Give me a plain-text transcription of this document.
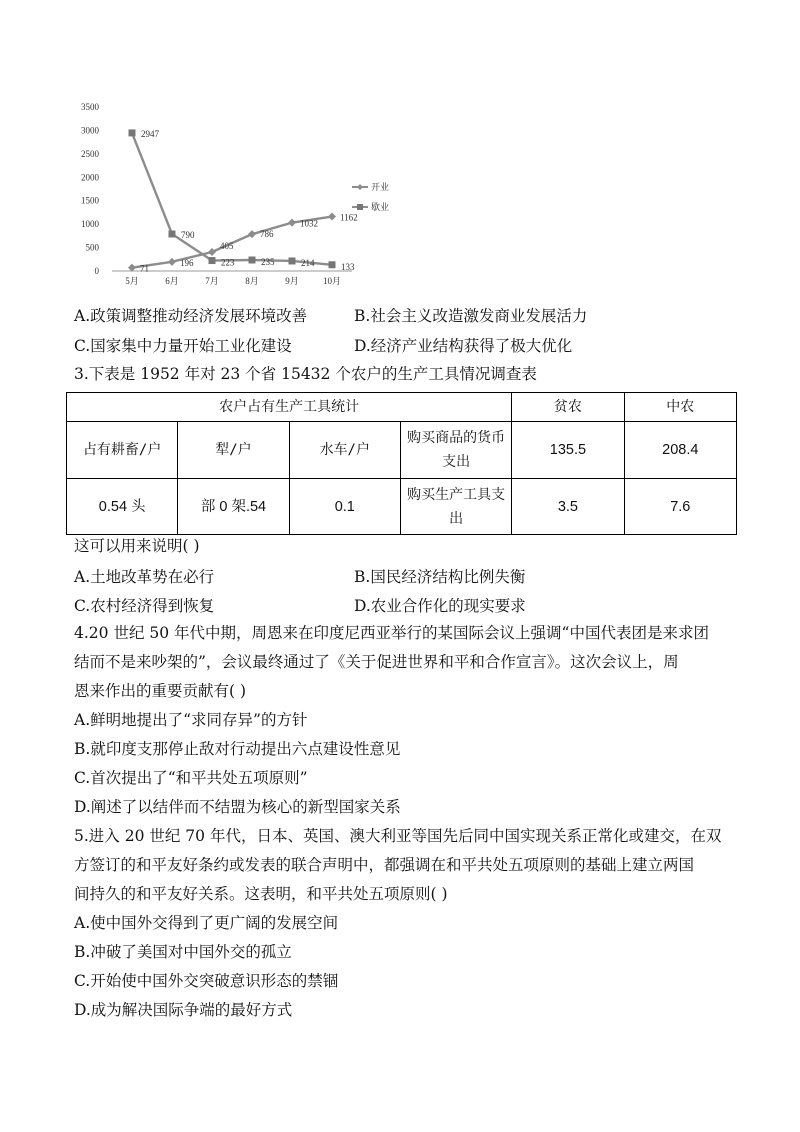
0
500
1000
1500
2000
2500
3000
3500
5月	6月	7月	8月	9月	10月
71
196
405
786
1032
1162
2947
790
223	235	214	133
开业
歇业
A.政策调整推动经济发展环境改善	B.社会主义改造激发商业发展活力
C.国家集中力量开始工业化建设	D.经济产业结构获得了极大优化
3.下表是 1952 年对 23 个省 15432 个农户的生产工具情况调查表
农户占有生产工具统计				贫农	中农
占有耕畜/户	犁/户	水车/户	购买商品的货币支出	135.5	208.4
0.54 头	部 0 架.54	0.1	购买生产工具支出	3.5	7.6
这可以用来说明( )
A.土地改革势在必行	B.国民经济结构比例失衡
C.农村经济得到恢复	D.农业合作化的现实要求
4.20 世纪 50 年代中期，周恩来在印度尼西亚举行的某国际会议上强调“中国代表团是来求团
结而不是来吵架的”，会议最终通过了《关于促进世界和平和合作宣言》。这次会议上，周
恩来作出的重要贡献有( )
A.鲜明地提出了“求同存异”的方针
B.就印度支那停止敌对行动提出六点建设性意见
C.首次提出了“和平共处五项原则”
D.阐述了以结伴而不结盟为核心的新型国家关系
5.进入 20 世纪 70 年代，日本、英国、澳大利亚等国先后同中国实现关系正常化或建交，在双
方签订的和平友好条约或发表的联合声明中，都强调在和平共处五项原则的基础上建立两国
间持久的和平友好关系。这表明，和平共处五项原则( )
A.使中国外交得到了更广阔的发展空间
B.冲破了美国对中国外交的孤立
C.开始使中国外交突破意识形态的禁锢
D.成为解决国际争端的最好方式
